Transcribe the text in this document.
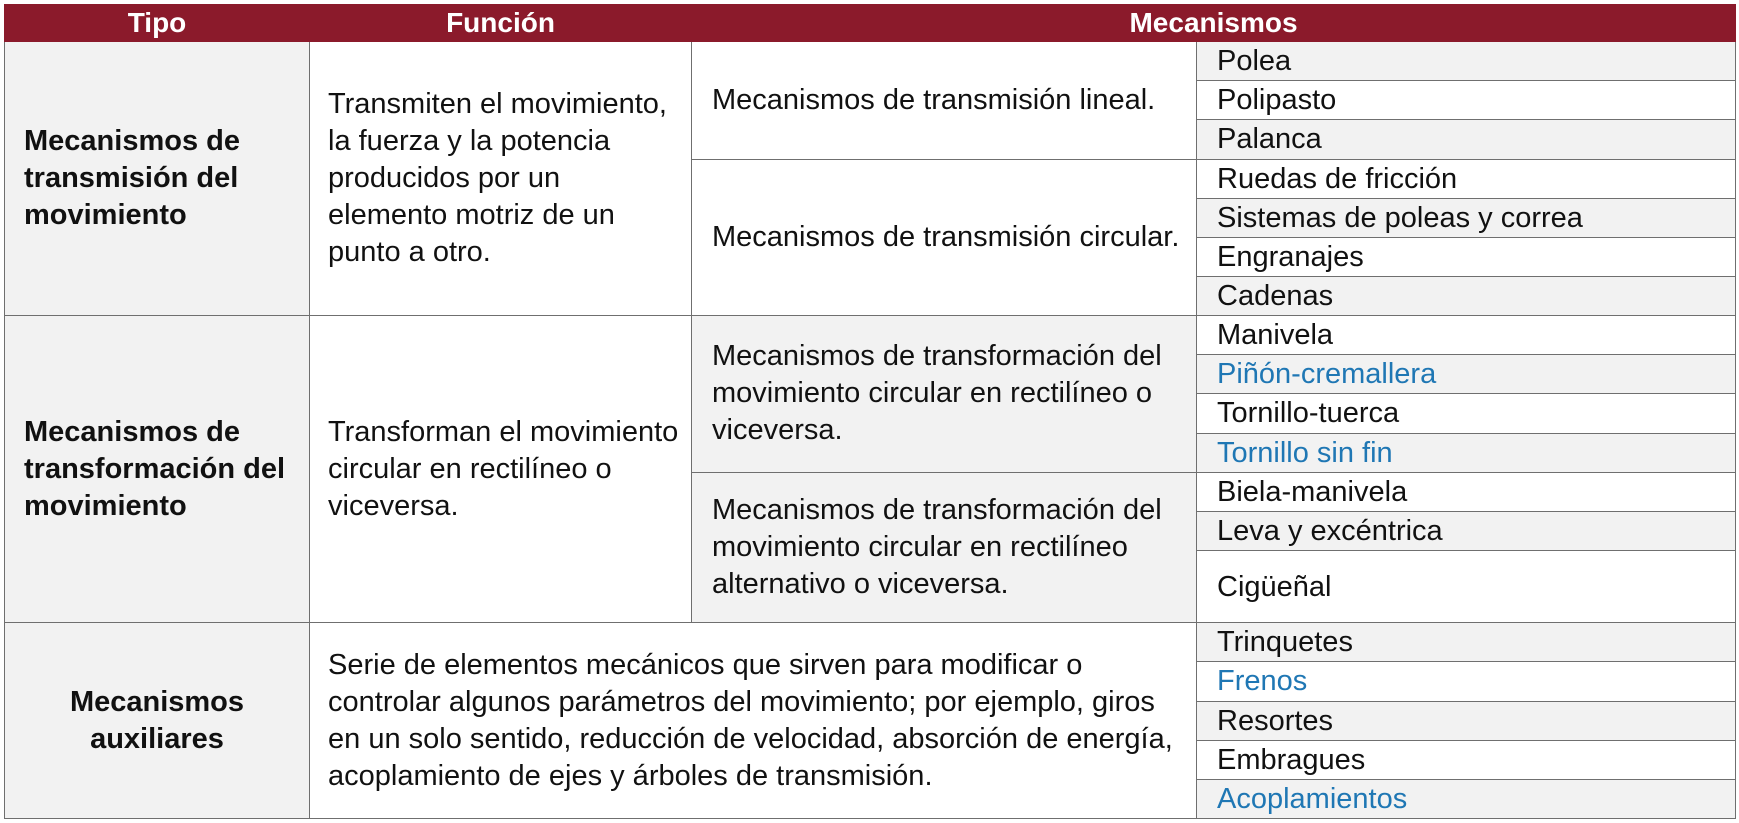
Tipo	Función	Mecanismos	
Mecanismos de transmisión del movimiento	Transmiten el movimiento, la fuerza y la potencia producidos por un elemento motriz de un punto a otro.	Mecanismos de transmisión lineal.	Polea
			Polipasto
			Palanca
		Mecanismos de transmisión circular.	Ruedas de fricción
			Sistemas de poleas y correa
			Engranajes
			Cadenas
Mecanismos de transformación del movimiento	Transforman el movimiento circular en rectilíneo o viceversa.	Mecanismos de transformación del movimiento circular en rectilíneo o viceversa.	Manivela
			Piñón-cremallera
			Tornillo-tuerca
			Tornillo sin fin
		Mecanismos de transformación del movimiento circular en rectilíneo alternativo o viceversa.	Biela-manivela
			Leva y excéntrica
			Cigüeñal
Mecanismos auxiliares	Serie de elementos mecánicos que sirven para modificar o controlar algunos parámetros del movimiento; por ejemplo, giros en un solo sentido, reducción de velocidad, absorción de energía, acoplamiento de ejes y árboles de transmisión.		Trinquetes
			Frenos
			Resortes
			Embragues
			Acoplamientos
